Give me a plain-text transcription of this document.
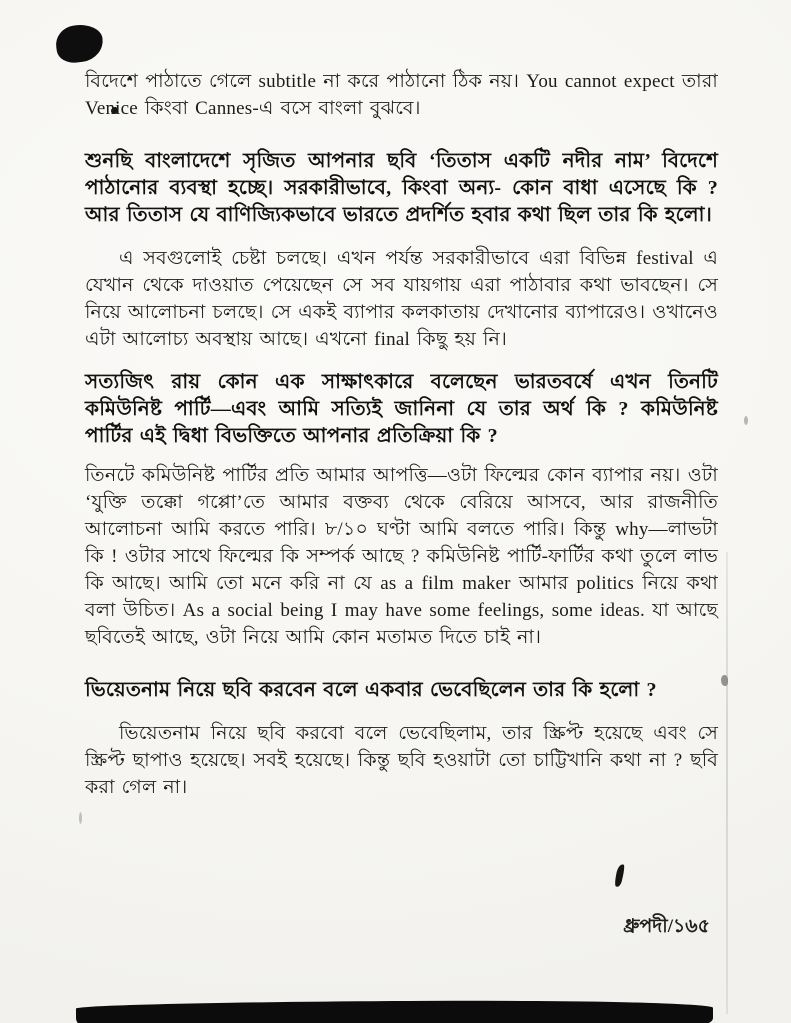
বিদেশে পাঠাতে গেলে subtitle না করে পাঠানো ঠিক নয়। You cannot expect তারা Venice কিংবা Cannes-এ বসে বাংলা বুঝবে।

শুনছি বাংলাদেশে সৃজিত আপনার ছবি ‘তিতাস একটি নদীর নাম’ বিদেশে পাঠানোর ব্যবস্থা হচ্ছে। সরকারীভাবে, কিংবা অন্য- কোন বাধা এসেছে কি ? আর তিতাস যে বাণিজ্যিকভাবে ভারতে প্রদর্শিত হবার কথা ছিল তার কি হলো।

এ সবগুলোই চেষ্টা চলছে। এখন পর্যন্ত সরকারীভাবে এরা বিভিন্ন festival এ যেখান থেকে দাওয়াত পেয়েছেন সে সব যায়গায় এরা পাঠাবার কথা ভাবছেন। সে নিয়ে আলোচনা চলছে। সে একই ব্যাপার কলকাতায় দেখানোর ব্যাপারেও। ওখানেও এটা আলোচ্য অবস্থায় আছে। এখনো final কিছু হয় নি।

সত্যজিৎ রায় কোন এক সাক্ষাৎকারে বলেছেন ভারতবর্ষে এখন তিনটি কমিউনিষ্ট পার্টি—এবং আমি সত্যিই জানিনা যে তার অর্থ কি ? কমিউনিষ্ট পার্টির এই দ্বিধা বিভক্তিতে আপনার প্রতিক্রিয়া কি ?

তিনটে কমিউনিষ্ট পার্টির প্রতি আমার আপত্তি—ওটা ফিল্মের কোন ব্যাপার নয়। ওটা ‘যুক্তি তক্কো গপ্পো’তে আমার বক্তব্য থেকে বেরিয়ে আসবে, আর রাজনীতি আলোচনা আমি করতে পারি। ৮/১০ ঘণ্টা আমি বলতে পারি। কিন্তু why—লাভটা কি ! ওটার সাথে ফিল্মের কি সম্পর্ক আছে ? কমিউনিষ্ট পার্টি-ফার্টির কথা তুলে লাভ কি আছে। আমি তো মনে করি না যে as a film maker আমার politics নিয়ে কথা বলা উচিত। As a social being I may have some feelings, some ideas. যা আছে ছবিতেই আছে, ওটা নিয়ে আমি কোন মতামত দিতে চাই না।

ভিয়েতনাম নিয়ে ছবি করবেন বলে একবার ভেবেছিলেন তার কি হলো ?

ভিয়েতনাম নিয়ে ছবি করবো বলে ভেবেছিলাম, তার স্ক্রিপ্ট হয়েছে এবং সে স্ক্রিপ্ট ছাপাও হয়েছে। সবই হয়েছে। কিন্তু ছবি হওয়াটা তো চাট্টিখানি কথা না ? ছবি করা গেল না।

ধ্রুপদী/১৬৫
